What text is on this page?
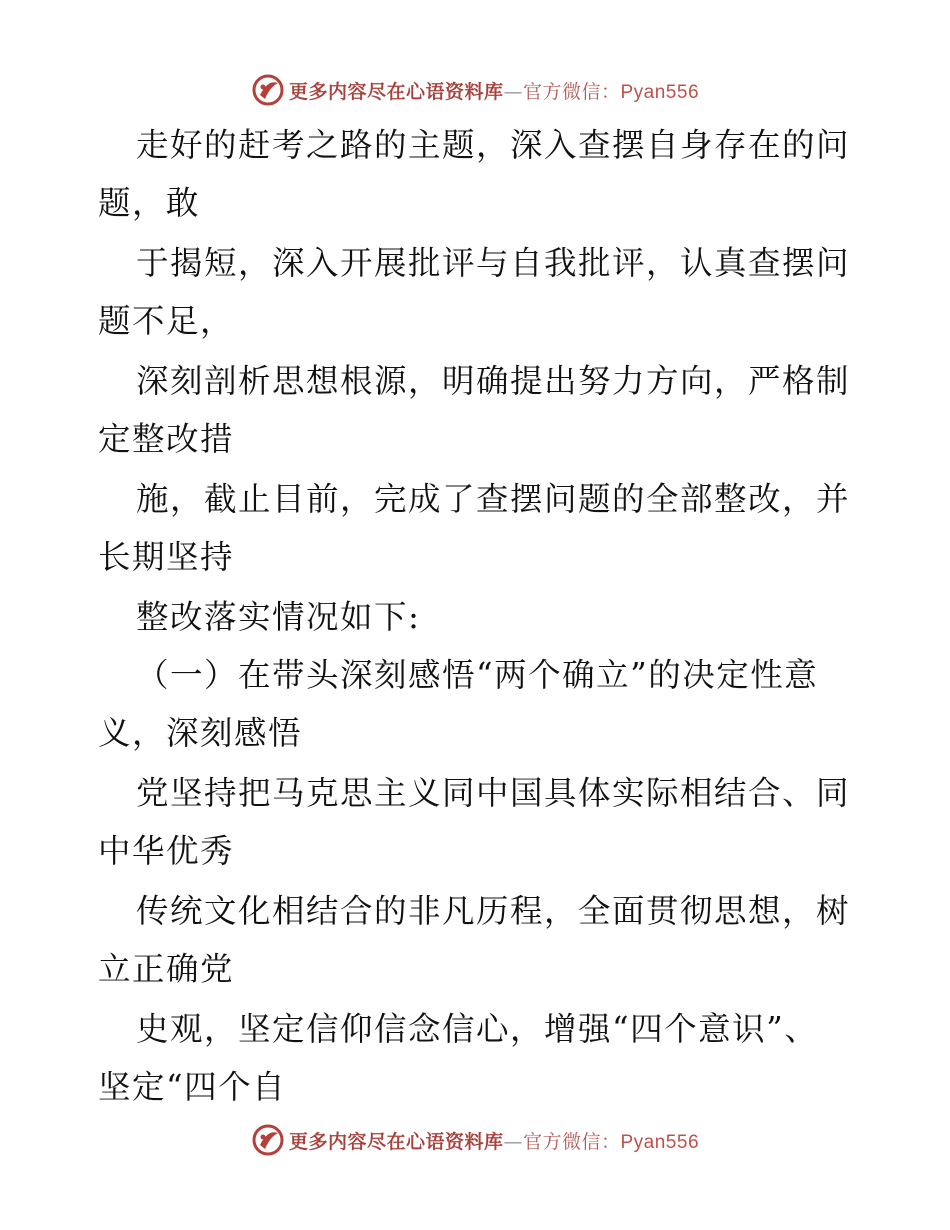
更多内容尽在心语资料库—官方微信：Pyan556
走好的赶考之路的主题，深入查摆自身存在的问
题，敢
于揭短，深入开展批评与自我批评，认真查摆问
题不足，
深刻剖析思想根源，明确提出努力方向，严格制
定整改措
施，截止目前，完成了查摆问题的全部整改，并
长期坚持
整改落实情况如下:
（一）在带头深刻感悟“两个确立”的决定性意
义，深刻感悟
党坚持把马克思主义同中国具体实际相结合、同
中华优秀
传统文化相结合的非凡历程，全面贯彻思想，树
立正确党
史观，坚定信仰信念信心，增强“四个意识”、
坚定“四个自
更多内容尽在心语资料库—官方微信：Pyan556
